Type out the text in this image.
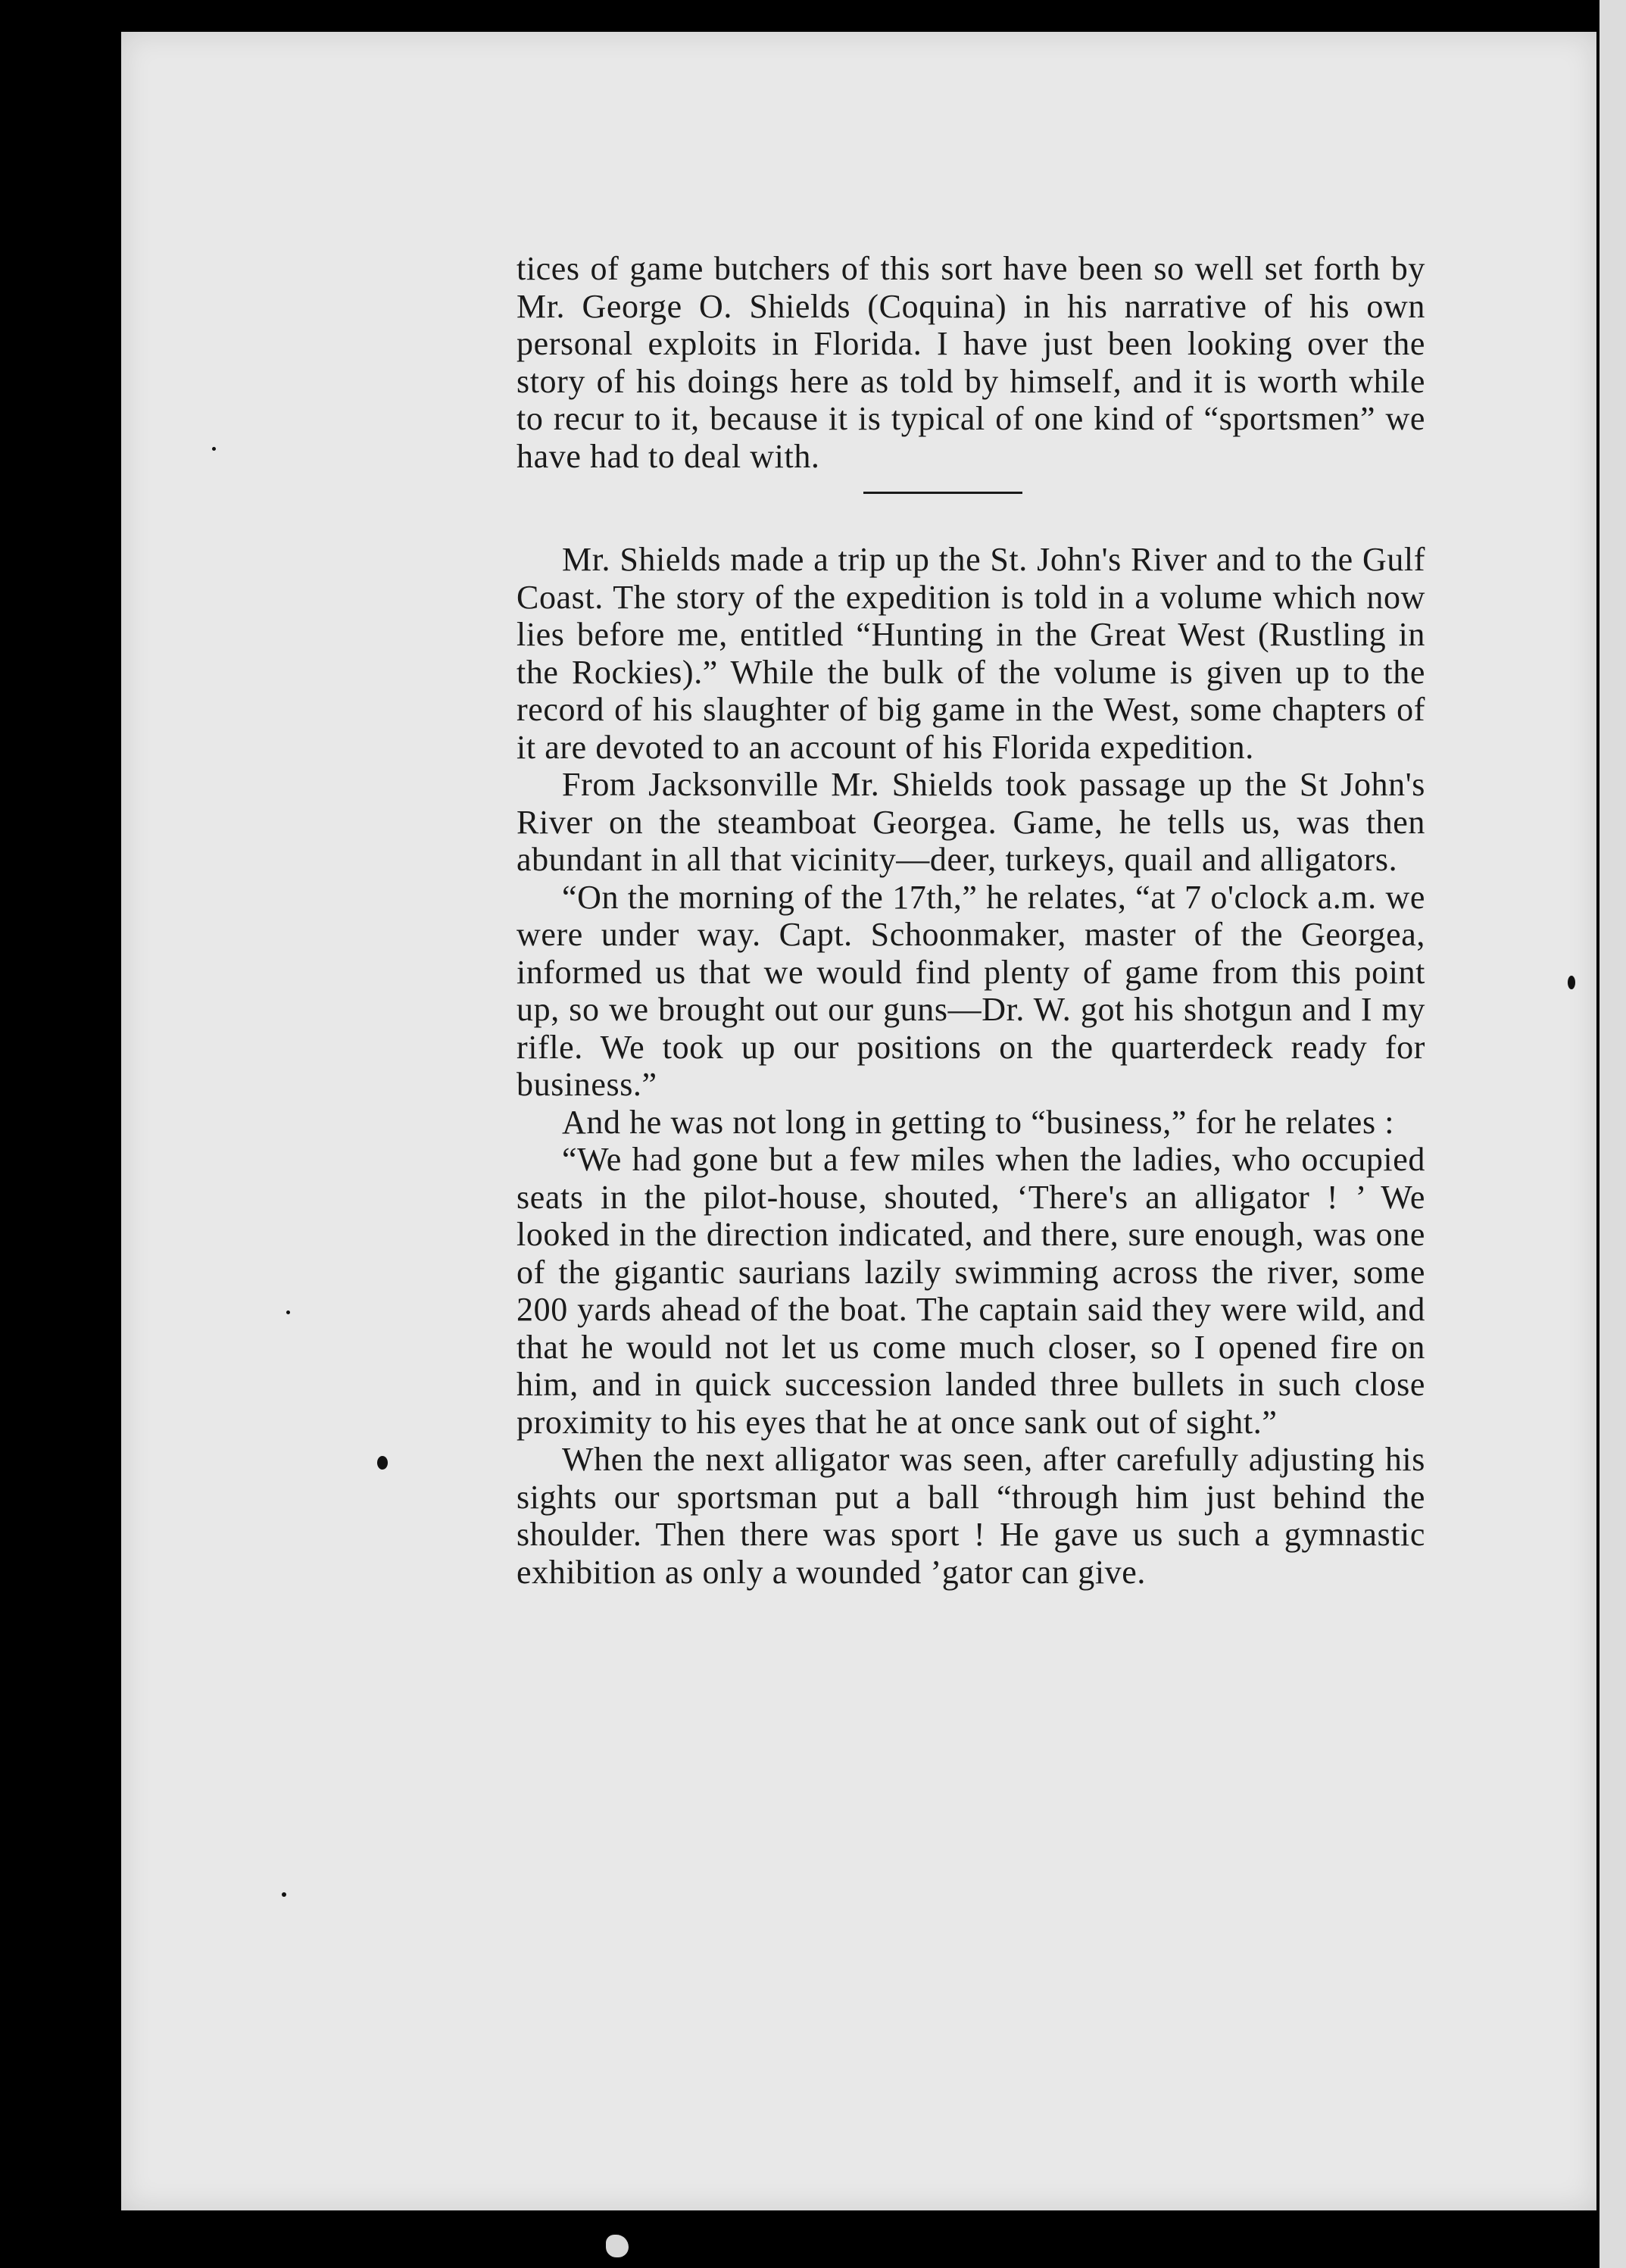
tices of game butchers of this sort have been so well set forth by Mr. George O. Shields (Coquina) in his narrative of his own personal exploits in Florida. I have just been looking over the story of his doings here as told by himself, and it is worth while to recur to it, because it is typical of one kind of “sportsmen” we have had to deal with.

Mr. Shields made a trip up the St. John's River and to the Gulf Coast. The story of the expedition is told in a volume which now lies before me, entitled “Hunting in the Great West (Rustling in the Rockies).” While the bulk of the volume is given up to the record of his slaughter of big game in the West, some chapters of it are devoted to an account of his Florida expedition.

From Jacksonville Mr. Shields took passage up the St John's River on the steamboat Georgea. Game, he tells us, was then abundant in all that vicinity—deer, turkeys, quail and alligators.

“On the morning of the 17th,” he relates, “at 7 o'clock a.m. we were under way. Capt. Schoonmaker, master of the Georgea, informed us that we would find plenty of game from this point up, so we brought out our guns—Dr. W. got his shotgun and I my rifle. We took up our positions on the quarterdeck ready for business.”

And he was not long in getting to “business,” for he relates :

“We had gone but a few miles when the ladies, who occupied seats in the pilot-house, shouted, ‘There's an alligator ! ’ We looked in the direction indicated, and there, sure enough, was one of the gigantic saurians lazily swimming across the river, some 200 yards ahead of the boat. The captain said they were wild, and that he would not let us come much closer, so I opened fire on him, and in quick succession landed three bullets in such close proximity to his eyes that he at once sank out of sight.”

When the next alligator was seen, after carefully adjusting his sights our sportsman put a ball “through him just behind the shoulder. Then there was sport ! He gave us such a gymnastic exhibition as only a wounded ’gator can give.
